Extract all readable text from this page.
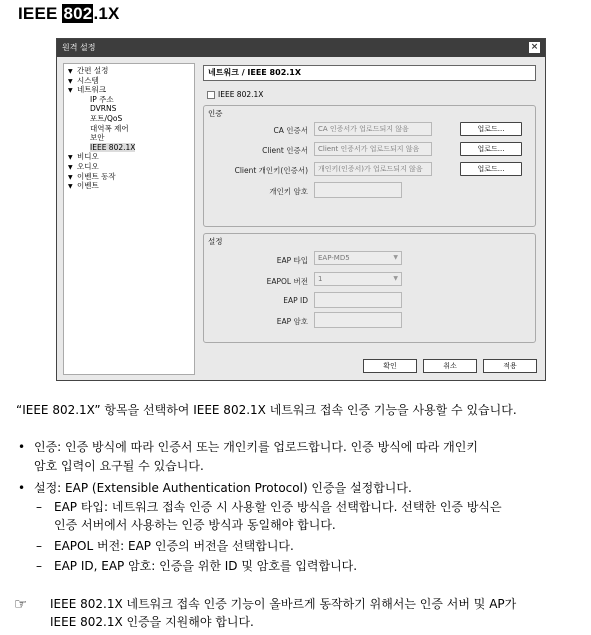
IEEE 802.1X
원격 설정	×
▼ 간편 설정
▼ 시스템
▼ 네트워크
IP 주소
DVRNS
포트/QoS
대역폭 제어
보안
IEEE 802.1X
▼ 비디오
▼ 오디오
▼ 이벤트 동작
▼ 이벤트
네트워크 / IEEE 802.1X
IEEE 802.1X
인증
CA 인증서	CA 인증서가 업로드되지 않음	업로드...
Client 인증서	Client 인증서가 업로드되지 않음	업로드...
Client 개인키(인증서)	개인키(인증서)가 업로드되지 않음	업로드...
개인키 암호
설정
EAP 타입	EAP-MD5	▼
EAPOL 버전	1	▼
EAP ID
EAP 암호
확인	취소	적용
“IEEE 802.1X” 항목을 선택하여 IEEE 802.1X 네트워크 접속 인증 기능을 사용할 수 있습니다.
• 인증: 인증 방식에 따라 인증서 또는 개인키를 업로드합니다. 인증 방식에 따라 개인키
암호 입력이 요구될 수 있습니다.
• 설정: EAP (Extensible Authentication Protocol) 인증을 설정합니다.
– EAP 타입: 네트워크 접속 인증 시 사용할 인증 방식을 선택합니다. 선택한 인증 방식은
인증 서버에서 사용하는 인증 방식과 동일해야 합니다.
– EAPOL 버전: EAP 인증의 버전을 선택합니다.
– EAP ID, EAP 암호: 인증을 위한 ID 및 암호를 입력합니다.
☞ IEEE 802.1X 네트워크 접속 인증 기능이 올바르게 동작하기 위해서는 인증 서버 및 AP가
IEEE 802.1X 인증을 지원해야 합니다.
